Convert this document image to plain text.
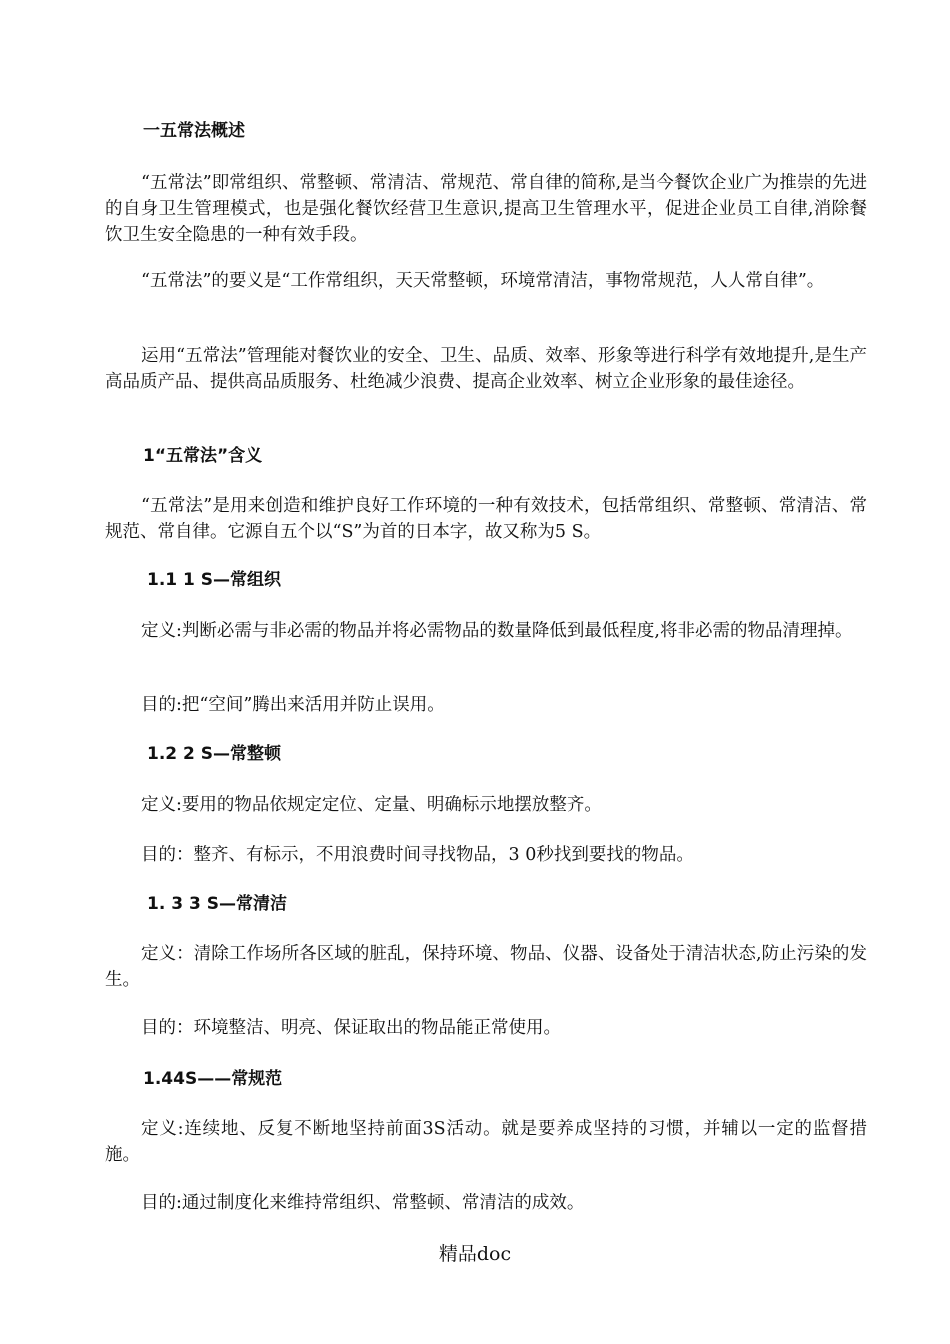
一五常法概述

“五常法”即常组织、常整顿、常清洁、常规范、常自律的简称,是当今餐饮企业广为推崇的先进的自身卫生管理模式，也是强化餐饮经营卫生意识,提高卫生管理水平，促进企业员工自律,消除餐饮卫生安全隐患的一种有效手段。

“五常法”的要义是“工作常组织，天天常整顿，环境常清洁，事物常规范，人人常自律”。

运用“五常法”管理能对餐饮业的安全、卫生、品质、效率、形象等进行科学有效地提升,是生产高品质产品、提供高品质服务、杜绝减少浪费、提高企业效率、树立企业形象的最佳途径。

1“五常法”含义

“五常法”是用来创造和维护良好工作环境的一种有效技术，包括常组织、常整顿、常清洁、常规范、常自律。它源自五个以“S”为首的日本字，故又称为5 S。

1.1 1 S—常组织

定义:判断必需与非必需的物品并将必需物品的数量降低到最低程度,将非必需的物品清理掉。

目的:把“空间”腾出来活用并防止误用。

1.2 2 S—常整顿

定义:要用的物品依规定定位、定量、明确标示地摆放整齐。

目的：整齐、有标示，不用浪费时间寻找物品，3 0秒找到要找的物品。

1. 3 3 S—常清洁

定义：清除工作场所各区域的脏乱，保持环境、物品、仪器、设备处于清洁状态,防止污染的发生。

目的：环境整洁、明亮、保证取出的物品能正常使用。

1.44S——常规范

定义:连续地、反复不断地坚持前面3S活动。就是要养成坚持的习惯，并辅以一定的监督措施。

目的:通过制度化来维持常组织、常整顿、常清洁的成效。

精品doc
